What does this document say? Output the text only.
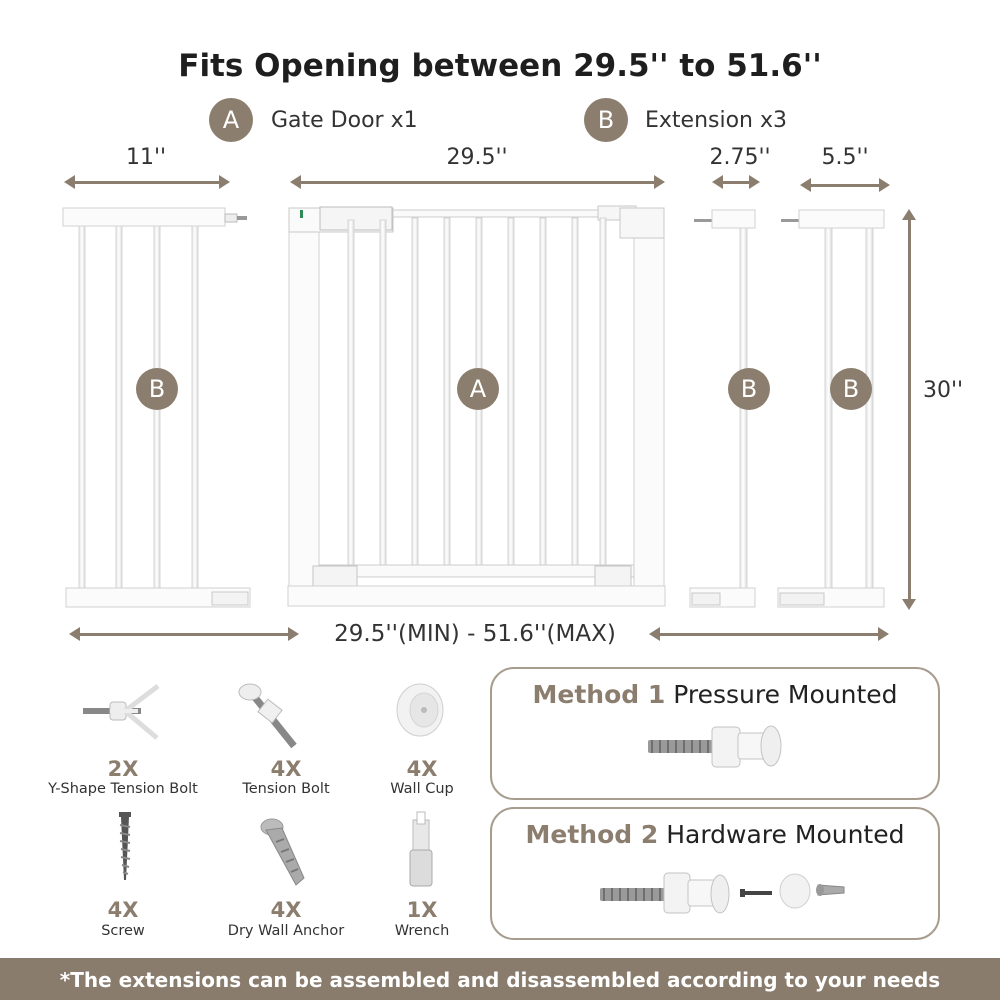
Fits Opening between 29.5'' to 51.6''
A	Gate Door x1	B	Extension x3
11''	29.5''	2.75''	5.5''
30''
29.5''(MIN) - 51.6''(MAX)
B	A	B	B
2X
Y-Shape Tension Bolt
4X
Tension Bolt
4X
Wall Cup
4X
Screw
4X
Dry Wall Anchor
1X
Wrench
Method 1 Pressure Mounted
Method 2 Hardware Mounted
*The extensions can be assembled and disassembled according to your needs
